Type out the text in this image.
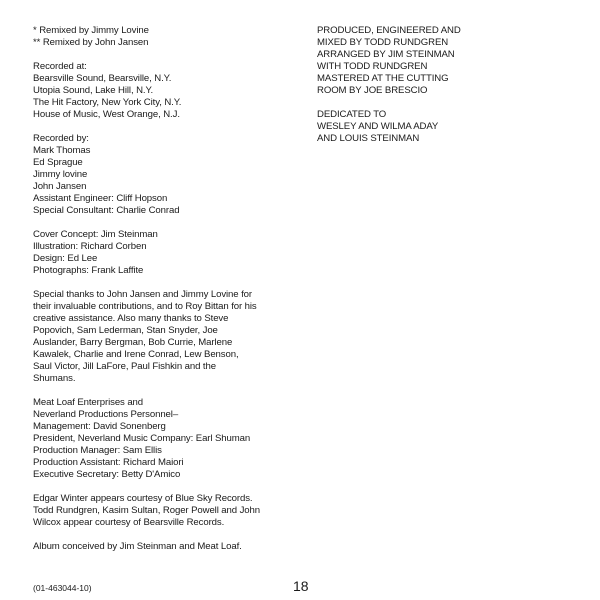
* Remixed by Jimmy Lovine
** Remixed by John Jansen
Recorded at:
Bearsville Sound, Bearsville, N.Y.
Utopia Sound, Lake Hill, N.Y.
The Hit Factory, New York City, N.Y.
House of Music, West Orange, N.J.
Recorded by:
Mark Thomas
Ed Sprague
Jimmy lovine
John Jansen
Assistant Engineer: Cliff Hopson
Special Consultant: Charlie Conrad
Cover Concept: Jim Steinman
Illustration: Richard Corben
Design: Ed Lee
Photographs: Frank Laffite
Special thanks to John Jansen and Jimmy Lovine for
their invaluable contributions, and to Roy Bittan for his
creative assistance. Also many thanks to Steve
Popovich, Sam Lederman, Stan Snyder, Joe
Auslander, Barry Bergman, Bob Currie, Marlene
Kawalek, Charlie and Irene Conrad, Lew Benson,
Saul Victor, Jill LaFore, Paul Fishkin and the
Shumans.
Meat Loaf Enterprises and
Neverland Productions Personnel–
Management: David Sonenberg
President, Neverland Music Company: Earl Shuman
Production Manager: Sam Ellis
Production Assistant: Richard Maiori
Executive Secretary: Betty D'Amico
Edgar Winter appears courtesy of Blue Sky Records.
Todd Rundgren, Kasim Sultan, Roger Powell and John
Wilcox appear courtesy of Bearsville Records.
Album conceived by Jim Steinman and Meat Loaf.
PRODUCED, ENGINEERED AND
MIXED BY TODD RUNDGREN
ARRANGED BY JIM STEINMAN
WITH TODD RUNDGREN
MASTERED AT THE CUTTING
ROOM BY JOE BRESCIO
DEDICATED TO
WESLEY AND WILMA ADAY
AND LOUIS STEINMAN
(01-463044-10)	18
